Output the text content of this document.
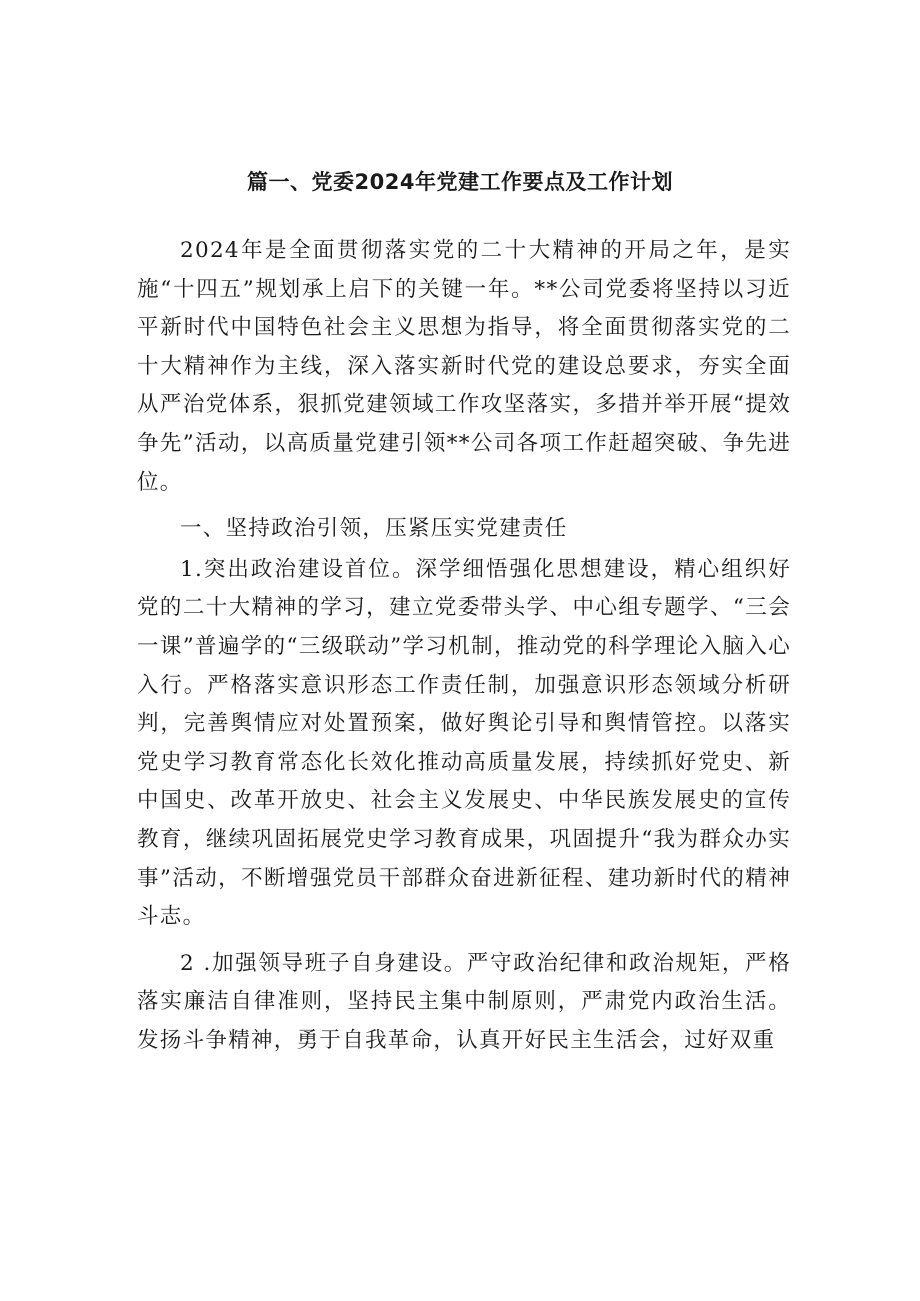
篇一、党委2024年党建工作要点及工作计划

2024年是全面贯彻落实党的二十大精神的开局之年，是实施“十四五”规划承上启下的关键一年。**公司党委将坚持以习近平新时代中国特色社会主义思想为指导，将全面贯彻落实党的二十大精神作为主线，深入落实新时代党的建设总要求，夯实全面从严治党体系，狠抓党建领域工作攻坚落实，多措并举开展“提效争先”活动，以高质量党建引领**公司各项工作赶超突破、争先进位。

一、坚持政治引领，压紧压实党建责任

1.突出政治建设首位。深学细悟强化思想建设，精心组织好党的二十大精神的学习，建立党委带头学、中心组专题学、“三会一课”普遍学的“三级联动”学习机制，推动党的科学理论入脑入心入行。严格落实意识形态工作责任制，加强意识形态领域分析研判，完善舆情应对处置预案，做好舆论引导和舆情管控。以落实党史学习教育常态化长效化推动高质量发展，持续抓好党史、新中国史、改革开放史、社会主义发展史、中华民族发展史的宣传教育，继续巩固拓展党史学习教育成果，巩固提升“我为群众办实事”活动，不断增强党员干部群众奋进新征程、建功新时代的精神斗志。

2 .加强领导班子自身建设。严守政治纪律和政治规矩，严格落实廉洁自律准则，坚持民主集中制原则，严肃党内政治生活。发扬斗争精神，勇于自我革命，认真开好民主生活会，过好双重
